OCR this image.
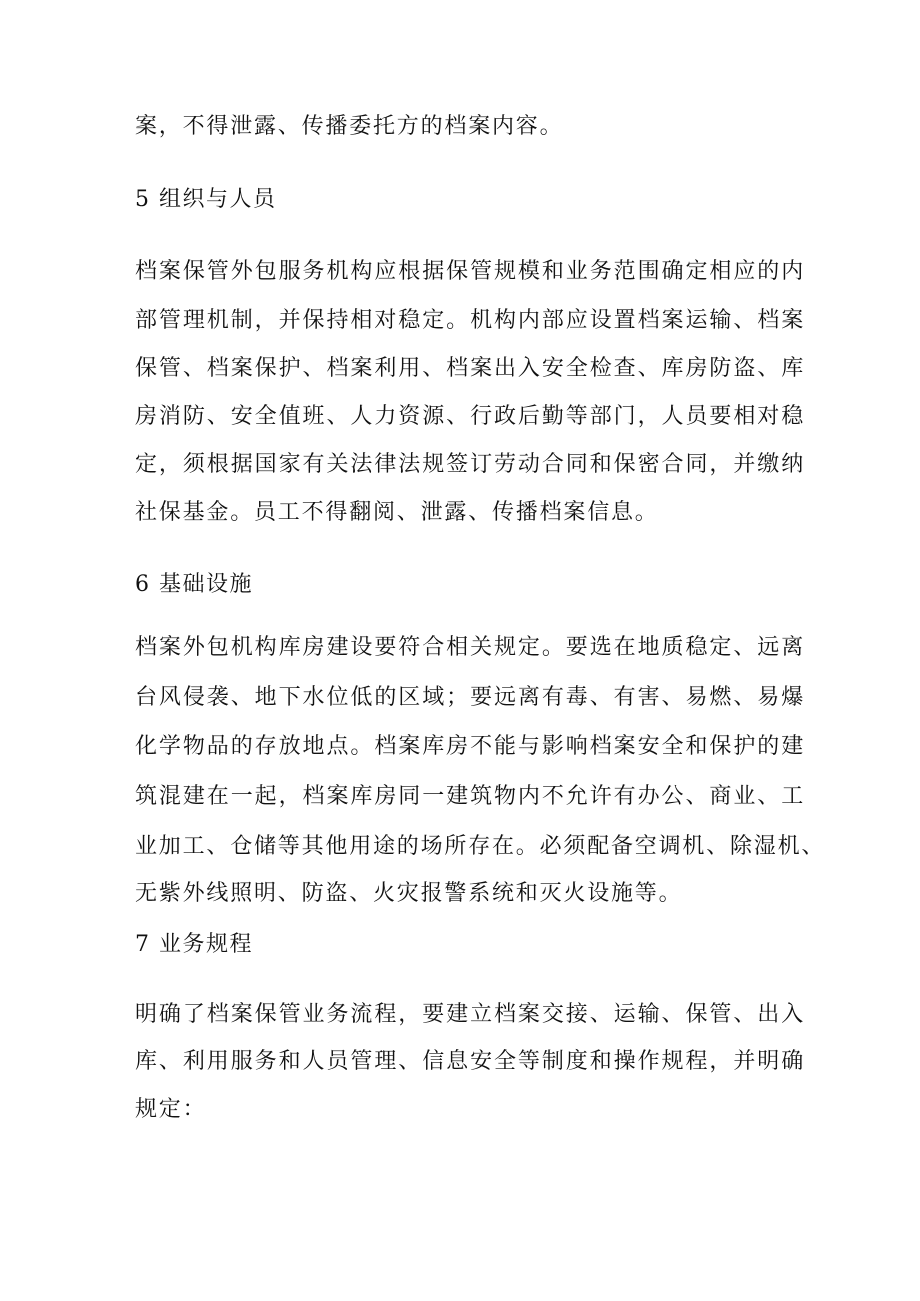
案，不得泄露、传播委托方的档案内容。
5 组织与人员
档案保管外包服务机构应根据保管规模和业务范围确定相应的内
部管理机制，并保持相对稳定。机构内部应设置档案运输、档案
保管、档案保护、档案利用、档案出入安全检查、库房防盗、库
房消防、安全值班、人力资源、行政后勤等部门，人员要相对稳
定，须根据国家有关法律法规签订劳动合同和保密合同，并缴纳
社保基金。员工不得翻阅、泄露、传播档案信息。
6 基础设施
档案外包机构库房建设要符合相关规定。要选在地质稳定、远离
台风侵袭、地下水位低的区域；要远离有毒、有害、易燃、易爆
化学物品的存放地点。档案库房不能与影响档案安全和保护的建
筑混建在一起，档案库房同一建筑物内不允许有办公、商业、工
业加工、仓储等其他用途的场所存在。必须配备空调机、除湿机、
无紫外线照明、防盗、火灾报警系统和灭火设施等。
7 业务规程
明确了档案保管业务流程，要建立档案交接、运输、保管、出入
库、利用服务和人员管理、信息安全等制度和操作规程，并明确
规定：
